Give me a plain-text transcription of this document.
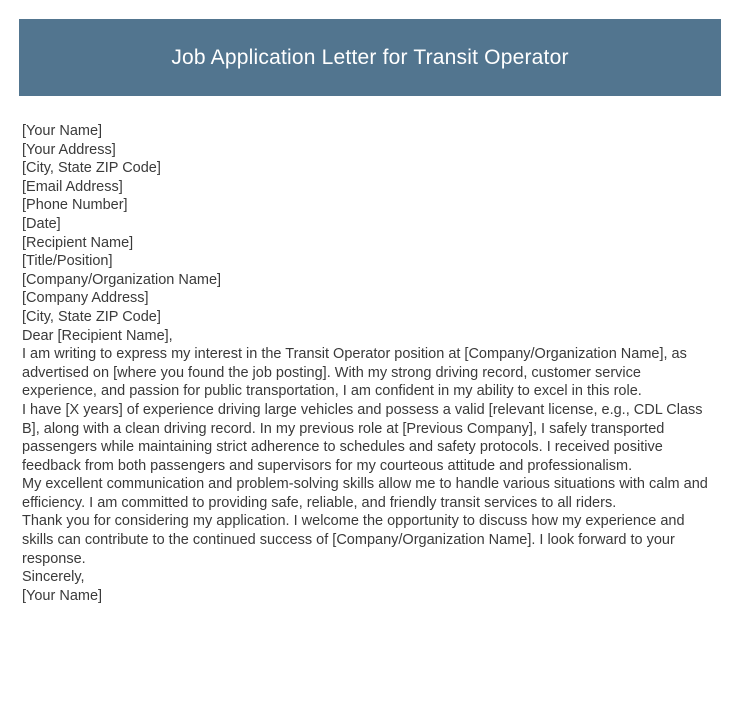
Job Application Letter for Transit Operator
[Your Name]
[Your Address]
[City, State ZIP Code]
[Email Address]
[Phone Number]
[Date]
[Recipient Name]
[Title/Position]
[Company/Organization Name]
[Company Address]
[City, State ZIP Code]
Dear [Recipient Name],

I am writing to express my interest in the Transit Operator position at [Company/Organization Name], as advertised on [where you found the job posting]. With my strong driving record, customer service experience, and passion for public transportation, I am confident in my ability to excel in this role.

I have [X years] of experience driving large vehicles and possess a valid [relevant license, e.g., CDL Class B], along with a clean driving record. In my previous role at [Previous Company], I safely transported passengers while maintaining strict adherence to schedules and safety protocols. I received positive feedback from both passengers and supervisors for my courteous attitude and professionalism.

My excellent communication and problem-solving skills allow me to handle various situations with calm and efficiency. I am committed to providing safe, reliable, and friendly transit services to all riders.

Thank you for considering my application. I welcome the opportunity to discuss how my experience and skills can contribute to the continued success of [Company/Organization Name]. I look forward to your response.

Sincerely,
[Your Name]
